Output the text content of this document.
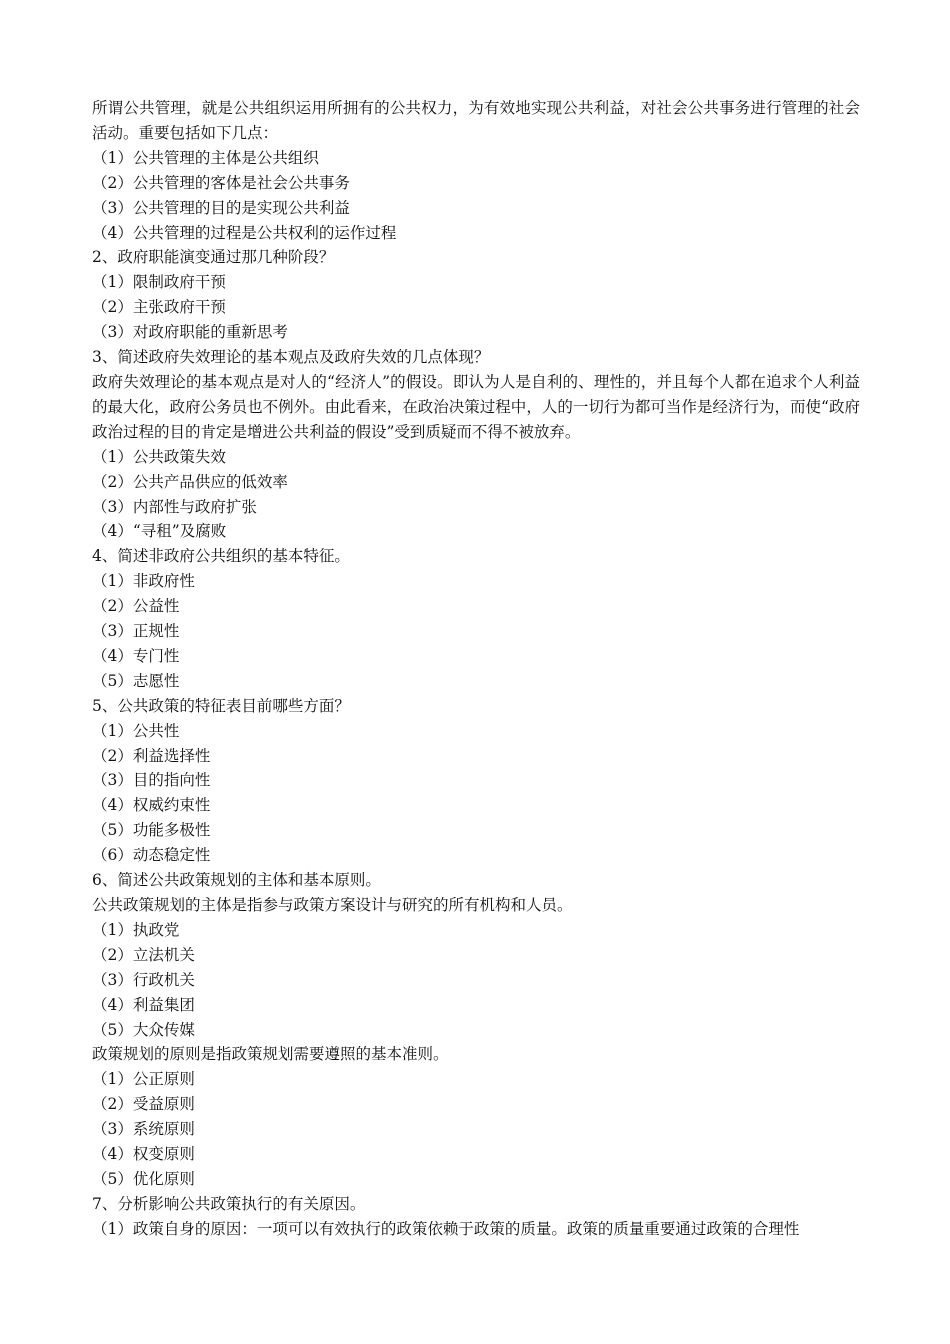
所谓公共管理，就是公共组织运用所拥有的公共权力，为有效地实现公共利益，对社会公共事务进行管理的社会活动。重要包括如下几点：

（1）公共管理的主体是公共组织

（2）公共管理的客体是社会公共事务

（3）公共管理的目的是实现公共利益

（4）公共管理的过程是公共权利的运作过程

2、政府职能演变通过那几种阶段？

（1）限制政府干预

（2）主张政府干预

（3）对政府职能的重新思考

3、简述政府失效理论的基本观点及政府失效的几点体现？

政府失效理论的基本观点是对人的“经济人”的假设。即认为人是自利的、理性的，并且每个人都在追求个人利益的最大化，政府公务员也不例外。由此看来，在政治决策过程中，人的一切行为都可当作是经济行为，而使“政府政治过程的目的肯定是增进公共利益的假设”受到质疑而不得不被放弃。

（1）公共政策失效

（2）公共产品供应的低效率

（3）内部性与政府扩张

（4）“寻租”及腐败

4、简述非政府公共组织的基本特征。

（1）非政府性

（2）公益性

（3）正规性

（4）专门性

（5）志愿性

5、公共政策的特征表目前哪些方面？

（1）公共性

（2）利益选择性

（3）目的指向性

（4）权威约束性

（5）功能多极性

（6）动态稳定性

6、简述公共政策规划的主体和基本原则。

公共政策规划的主体是指参与政策方案设计与研究的所有机构和人员。

（1）执政党

（2）立法机关

（3）行政机关

（4）利益集团

（5）大众传媒

政策规划的原则是指政策规划需要遵照的基本准则。

（1）公正原则

（2）受益原则

（3）系统原则

（4）权变原则

（5）优化原则

7、分析影响公共政策执行的有关原因。

（1）政策自身的原因：一项可以有效执行的政策依赖于政策的质量。政策的质量重要通过政策的合理性
